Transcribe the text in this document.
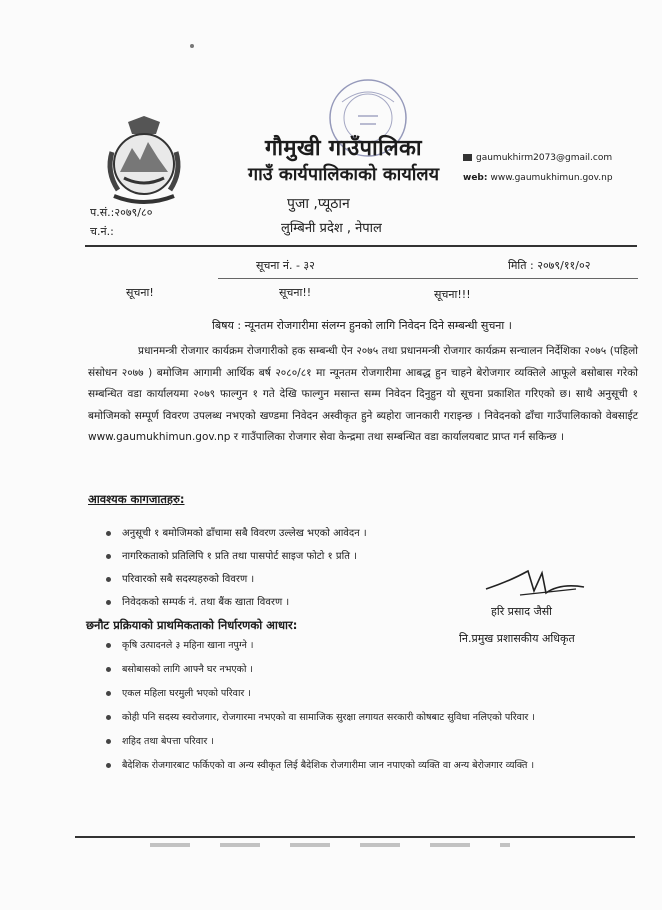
गौमुखी गाउँपालिका
गाउँ कार्यपालिकाको कार्यालय
पुजा ,प्यूठान
लुम्बिनी प्रदेश , नेपाल
gaumukhirm2073@gmail.com
web: www.gaumukhimun.gov.np
प.सं.:२०७९/८०
च.नं.:
सूचना नं. - ३२	मिति : २०७९/११/०२
सूचना!	सूचना!!	सूचना!!!
बिषय : न्यूनतम रोजगारीमा संलग्न हुनको लागि निवेदन दिने सम्बन्धी सुचना ।

प्रधानमन्त्री रोजगार कार्यक्रम रोजगारीको हक सम्बन्धी ऐन २०७५ तथा प्रधानमन्त्री रोजगार कार्यक्रम सन्चालन निर्देशिका २०७५ (पहिलो संसोधन २०७७ ) बमोजिम आगामी आर्थिक बर्ष २०८०/८१ मा न्यूनतम रोजगारीमा आबद्ध हुन चाहने बेरोजगार व्यक्तिले आफूले बसोबास गरेको सम्बन्धित वडा कार्यालयमा २०७९ फाल्गुन १ गते देखि फाल्गुन मसान्त सम्म निवेदन दिनुहुन यो सूचना प्रकाशित गरिएको छ। साथै अनुसूची १ बमोजिमको सम्पूर्ण विवरण उपलब्ध नभएको खण्डमा निवेदन अस्वीकृत हुने ब्यहोरा जानकारी गराइन्छ । निवेदनको ढाँचा गाउँपालिकाको वेबसाईट www.gaumukhimun.gov.np र गाउँपालिका रोजगार सेवा केन्द्रमा तथा सम्बन्धित वडा कार्यालयबाट प्राप्त गर्न सकिन्छ ।

आवश्यक कागजातहरु:
अनुसूची १ बमोजिमको ढाँचामा सबै विवरण उल्लेख भएको आवेदन ।
नागरिकताको प्रतिलिपि १ प्रति तथा पासपोर्ट साइज फोटो १ प्रति ।
परिवारको सबै सदस्यहरुको विवरण ।
निवेदकको सम्पर्क नं. तथा बैंक खाता विवरण ।
हरि प्रसाद जैसी
नि.प्रमुख प्रशासकीय अधिकृत
छनौट प्रक्रियाको प्राथमिकताको निर्धारणको आधार:
कृषि उत्पादनले ३ महिना खाना नपुग्ने ।
बसोबासको लागि आफ्नै घर नभएको ।
एकल महिला घरमुली भएको परिवार ।
कोही पनि सदस्य स्वरोजगार, रोजगारमा नभएको वा सामाजिक सुरक्षा लगायत सरकारी कोषबाट सुविधा नलिएको परिवार ।
शहिद तथा बेपत्ता परिवार ।
बैदेशिक रोजगारबाट फर्किएको वा अन्य स्वीकृत लिई बैदेशिक रोजगारीमा जान नपाएको व्यक्ति वा अन्य बेरोजगार व्यक्ति ।
